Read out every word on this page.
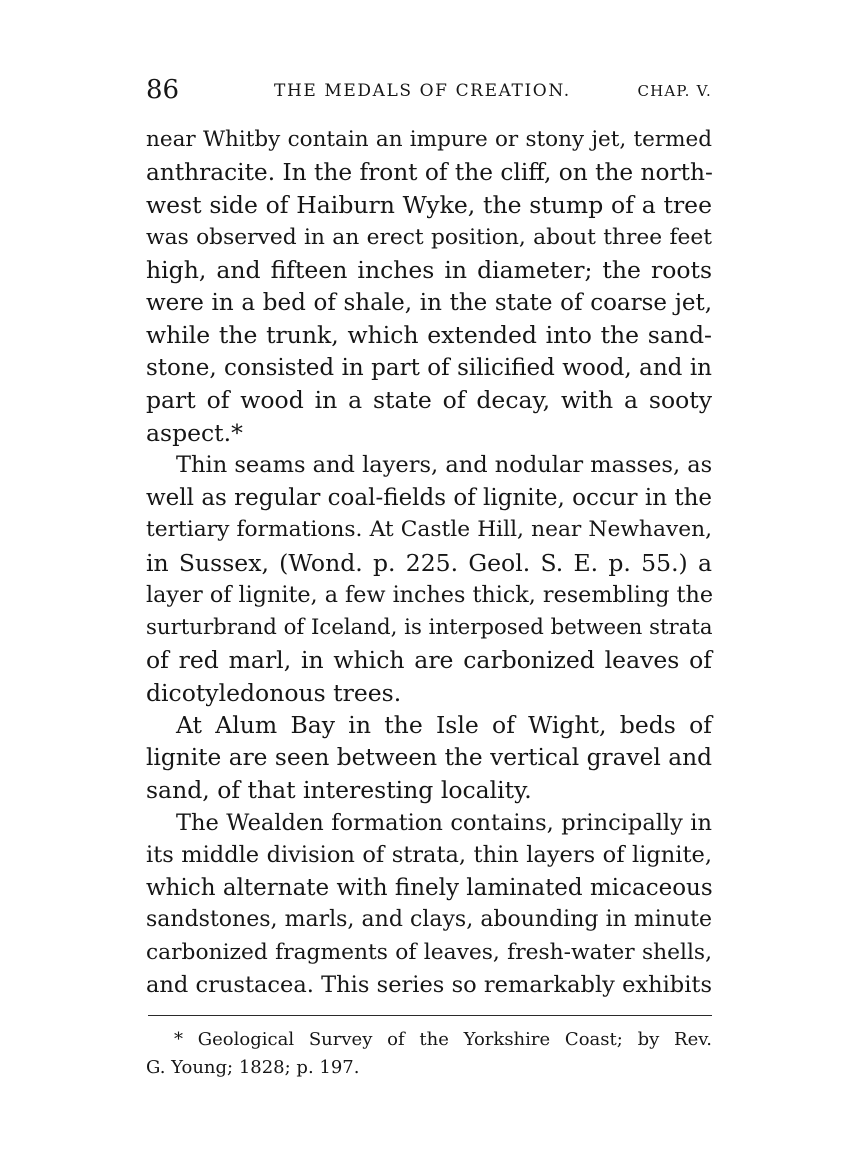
86	THE MEDALS OF CREATION.	CHAP. V.
near Whitby contain an impure or stony jet, termed
anthracite. In the front of the cliff, on the north-
west side of Haiburn Wyke, the stump of a tree
was observed in an erect position, about three feet
high, and fifteen inches in diameter; the roots
were in a bed of shale, in the state of coarse jet,
while the trunk, which extended into the sand-
stone, consisted in part of silicified wood, and in
part of wood in a state of decay, with a sooty
aspect.*
Thin seams and layers, and nodular masses, as
well as regular coal-fields of lignite, occur in the
tertiary formations. At Castle Hill, near Newhaven,
in Sussex, (Wond. p. 225. Geol. S. E. p. 55.) a
layer of lignite, a few inches thick, resembling the
surturbrand of Iceland, is interposed between strata
of red marl, in which are carbonized leaves of
dicotyledonous trees.
At Alum Bay in the Isle of Wight, beds of
lignite are seen between the vertical gravel and
sand, of that interesting locality.
The Wealden formation contains, principally in
its middle division of strata, thin layers of lignite,
which alternate with finely laminated micaceous
sandstones, marls, and clays, abounding in minute
carbonized fragments of leaves, fresh-water shells,
and crustacea. This series so remarkably exhibits
* Geological Survey of the Yorkshire Coast; by Rev.
G. Young; 1828; p. 197.
